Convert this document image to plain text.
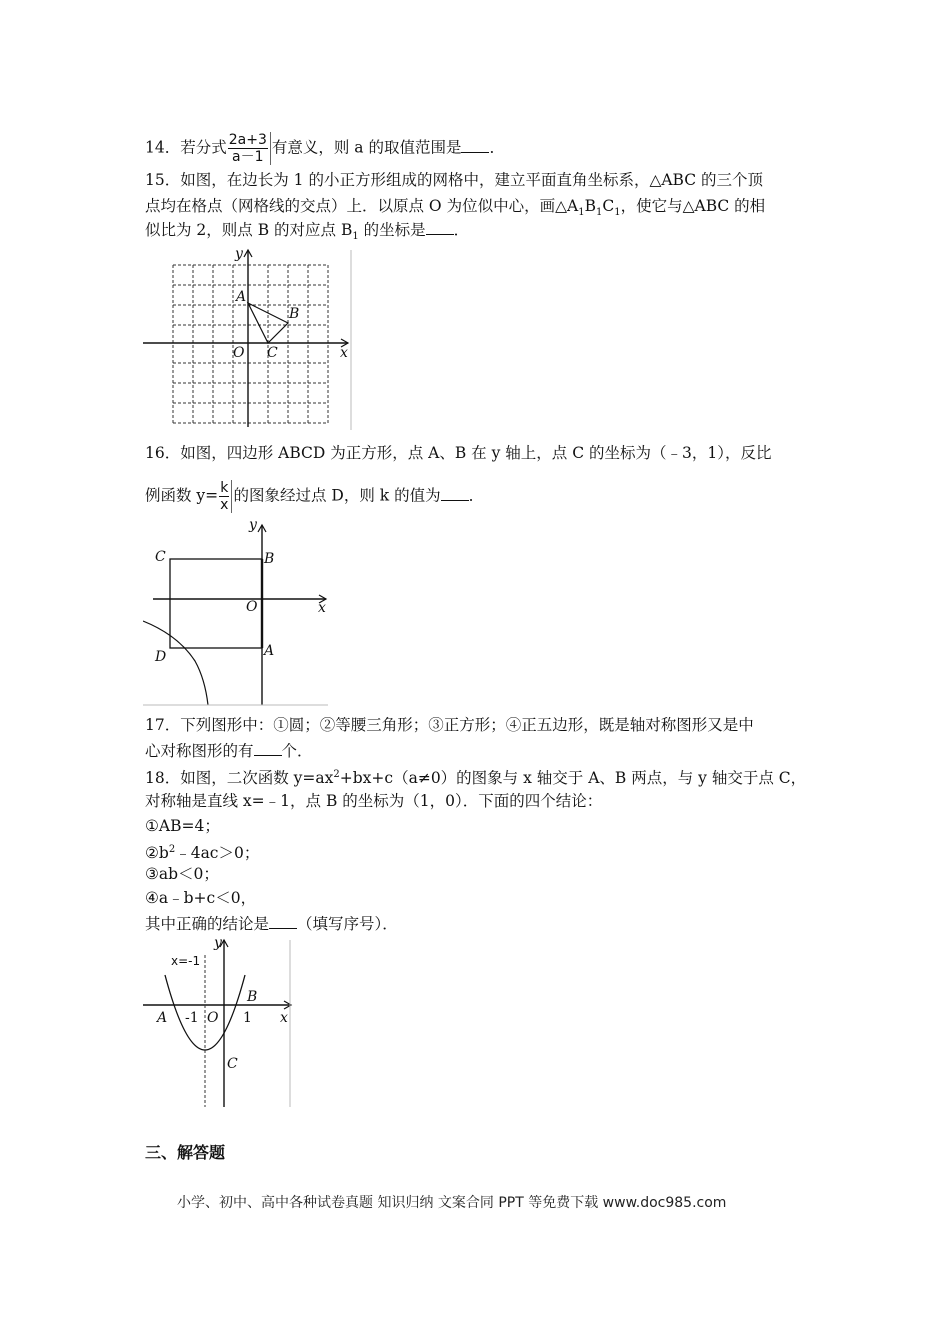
14．若分式 $\frac{2a+3}{a-1}$ 有意义，则 a 的取值范围是 ．
15．如图，在边长为 1 的小正方形组成的网格中，建立平面直角坐标系，△ABC 的三个顶
点均在格点（网格线的交点）上．以原点 O 为位似中心，画$\triangle A_1B_1C_1$，使它与△ABC 的相
似比为 2，则点 B 的对应点 $B_1$ 的坐标是 ．
y
x
O
A
B
C
16．如图，四边形 ABCD 为正方形，点 A、B 在 y 轴上，点 C 的坐标为（﹣3，1），反比
例函数 $y= \frac{k}{x}$ 的图象经过点 D，则 k 的值为 ．
y
x
O
C	B
A
D
17．下列图形中：①圆；②等腰三角形；③正方形；④正五边形，既是轴对称图形又是中
心对称图形的有 个．
18．如图，二次函数 $y=ax^2+bx+c(a\ne 0)$的图象与 x 轴交于 A、B 两点，与 y 轴交于点 C，
对称轴是直线 x=﹣1，点 B 的坐标为（1，0）．下面的四个结论：
①AB=4；
$②b^2﹣4ac>0$；
③ab＜0；
④a﹣b+c＜0，
其中正确的结论是 （填写序号）．
x=-1
y
x
O
A
B
C
-1	1
三、解答题
小学、初中、高中各种试卷真题 知识归纳 文案合同 PPT 等免费下载 www.doc985.com
